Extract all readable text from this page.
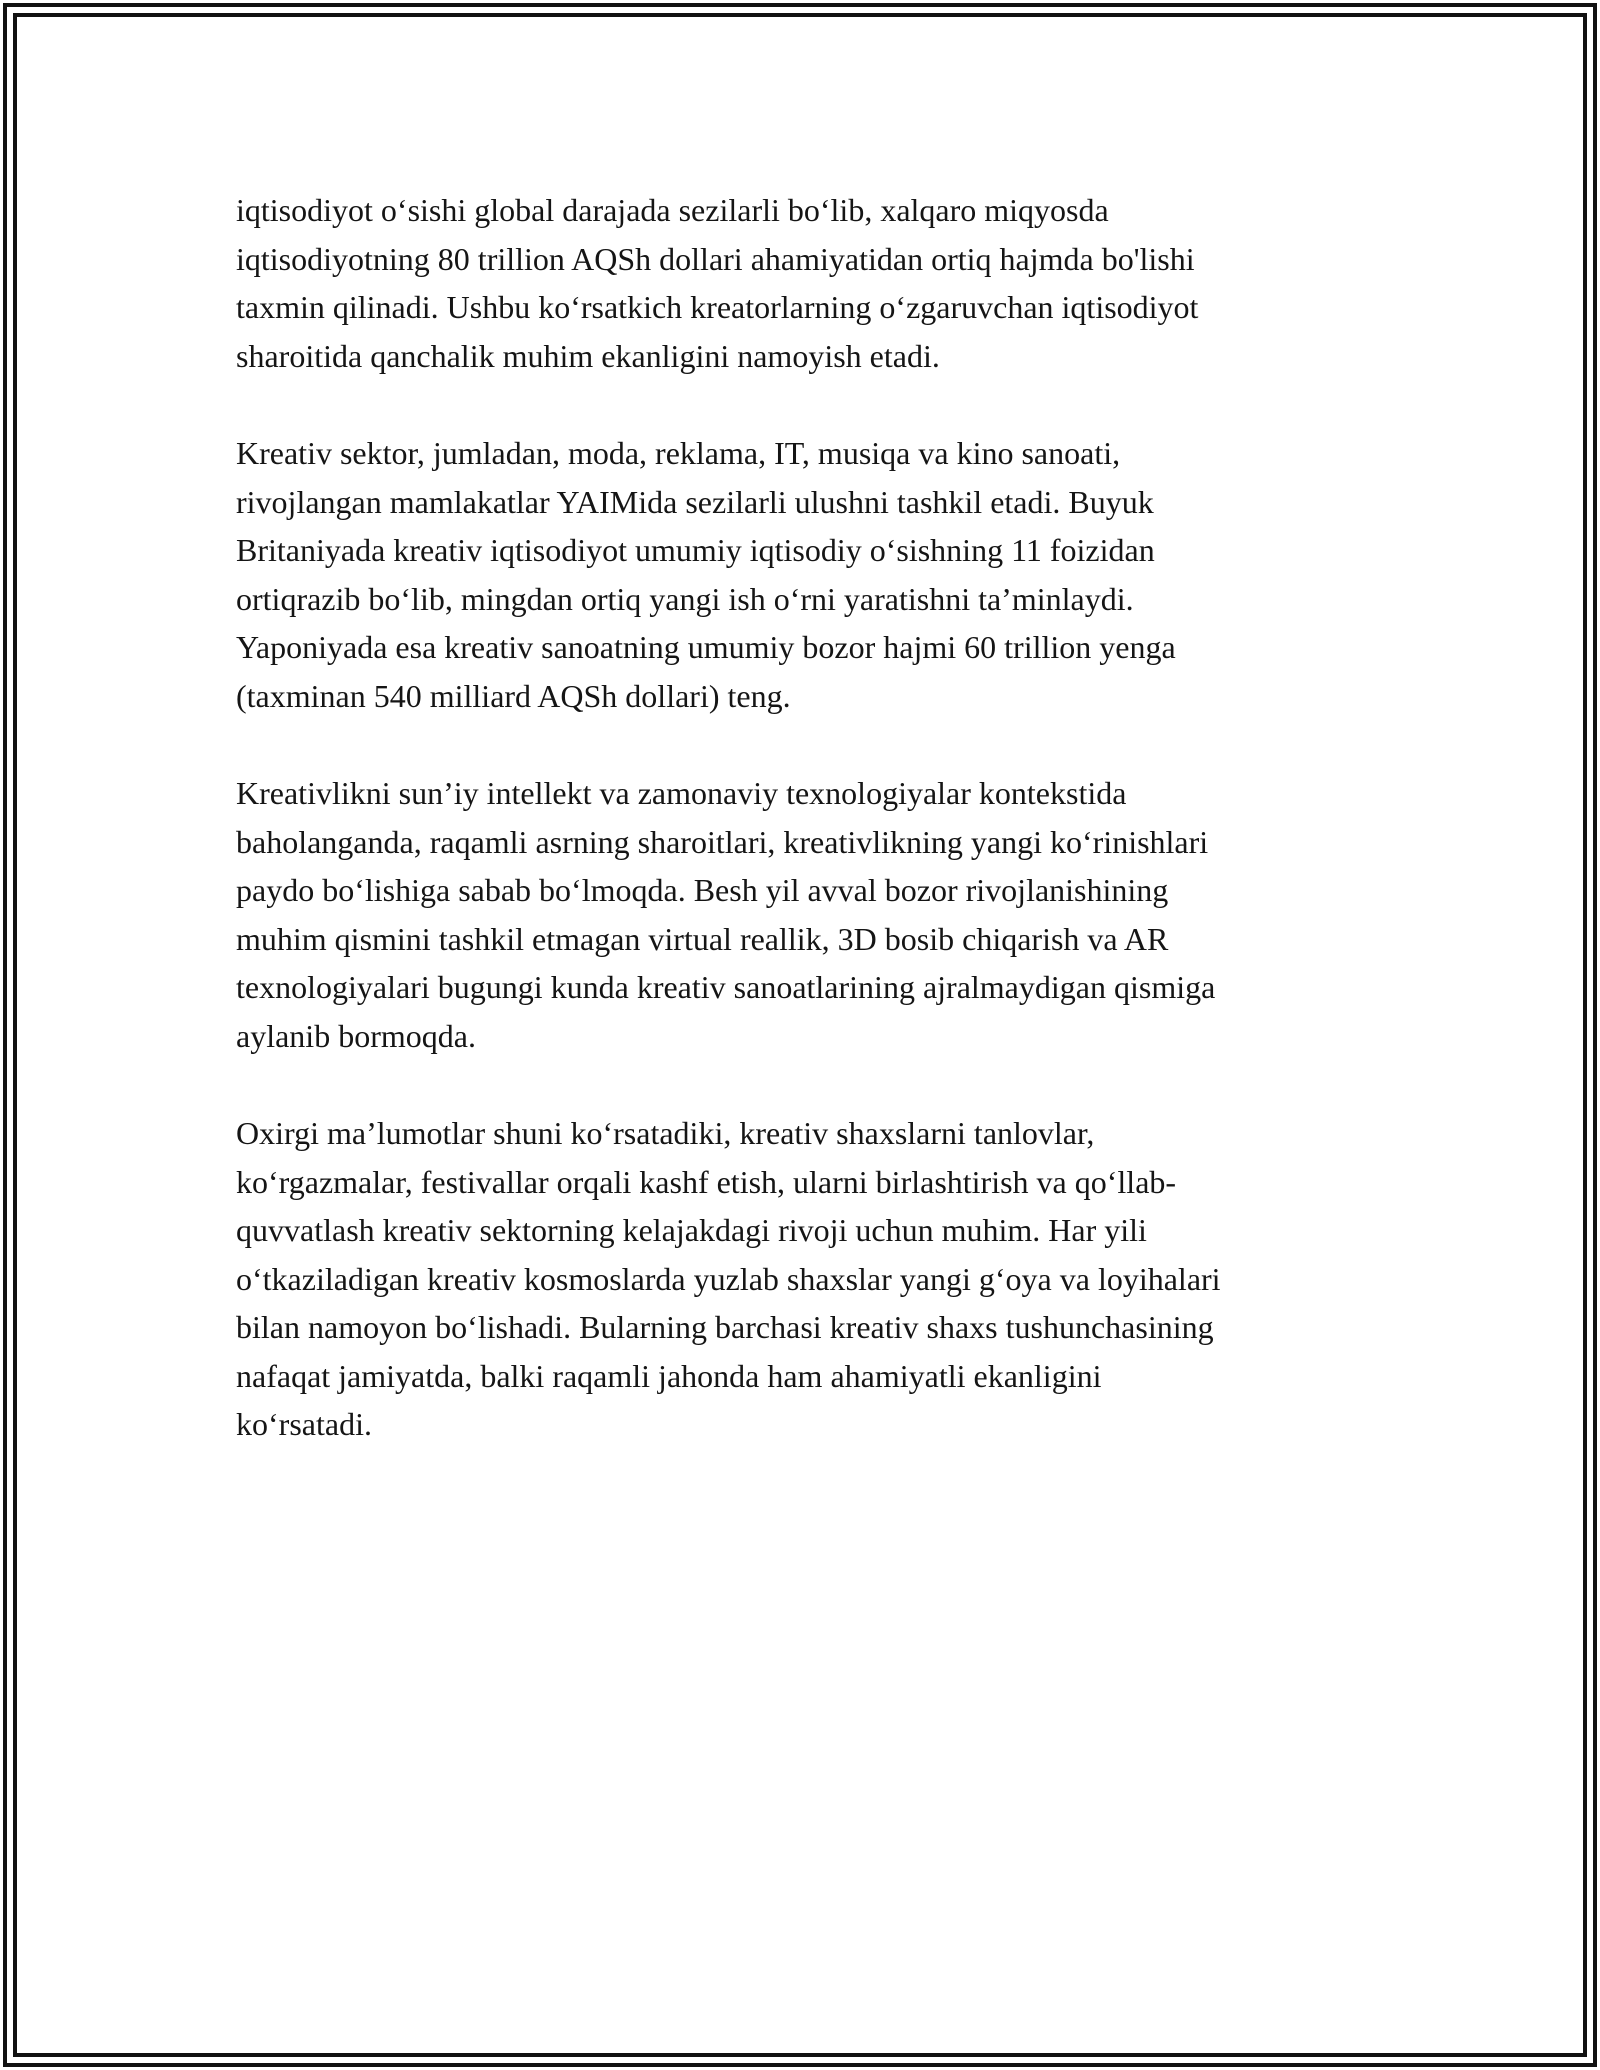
iqtisodiyot o‘sishi global darajada sezilarli bo‘lib, xalqaro miqyosda
iqtisodiyotning 80 trillion AQSh dollari ahamiyatidan ortiq hajmda bo'lishi
taxmin qilinadi. Ushbu ko‘rsatkich kreatorlarning o‘zgaruvchan iqtisodiyot
sharoitida qanchalik muhim ekanligini namoyish etadi.

Kreativ sektor, jumladan, moda, reklama, IT, musiqa va kino sanoati,
rivojlangan mamlakatlar YAIMida sezilarli ulushni tashkil etadi. Buyuk
Britaniyada kreativ iqtisodiyot umumiy iqtisodiy o‘sishning 11 foizidan
ortiqrazib bo‘lib, mingdan ortiq yangi ish o‘rni yaratishni ta’minlaydi.
Yaponiyada esa kreativ sanoatning umumiy bozor hajmi 60 trillion yenga
(taxminan 540 milliard AQSh dollari) teng.

Kreativlikni sun’iy intellekt va zamonaviy texnologiyalar kontekstida
baholanganda, raqamli asrning sharoitlari, kreativlikning yangi ko‘rinishlari
paydo bo‘lishiga sabab bo‘lmoqda. Besh yil avval bozor rivojlanishining
muhim qismini tashkil etmagan virtual reallik, 3D bosib chiqarish va AR
texnologiyalari bugungi kunda kreativ sanoatlarining ajralmaydigan qismiga
aylanib bormoqda.

Oxirgi ma’lumotlar shuni ko‘rsatadiki, kreativ shaxslarni tanlovlar,
ko‘rgazmalar, festivallar orqali kashf etish, ularni birlashtirish va qo‘llab-
quvvatlash kreativ sektorning kelajakdagi rivoji uchun muhim. Har yili
o‘tkaziladigan kreativ kosmoslarda yuzlab shaxslar yangi g‘oya va loyihalari
bilan namoyon bo‘lishadi. Bularning barchasi kreativ shaxs tushunchasining
nafaqat jamiyatda, balki raqamli jahonda ham ahamiyatli ekanligini
ko‘rsatadi.
